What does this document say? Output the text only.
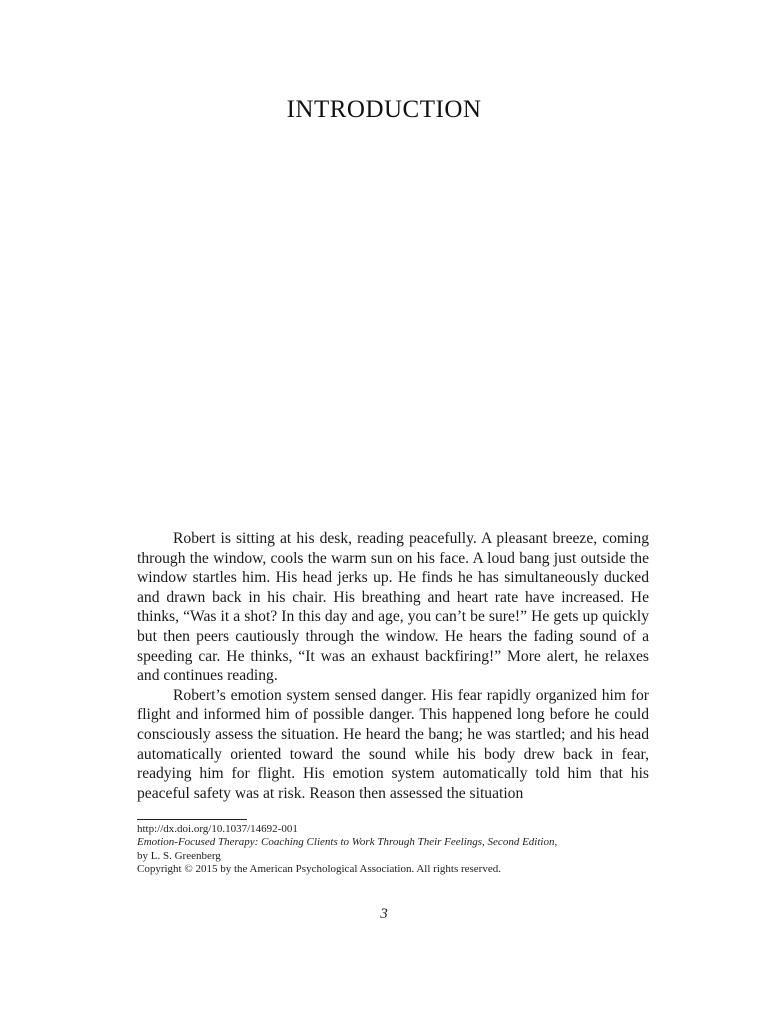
INTRODUCTION

Robert is sitting at his desk, reading peacefully. A pleasant breeze, coming through the window, cools the warm sun on his face. A loud bang just outside the window startles him. His head jerks up. He finds he has simultaneously ducked and drawn back in his chair. His breathing and heart rate have increased. He thinks, “Was it a shot? In this day and age, you can’t be sure!” He gets up quickly but then peers cautiously through the window. He hears the fading sound of a speeding car. He thinks, “It was an exhaust backfiring!” More alert, he relaxes and continues reading.

Robert’s emotion system sensed danger. His fear rapidly organized him for flight and informed him of possible danger. This happened long before he could consciously assess the situation. He heard the bang; he was startled; and his head automatically oriented toward the sound while his body drew back in fear, readying him for flight. His emotion system automatically told him that his peaceful safety was at risk. Reason then assessed the situation

http://dx.doi.org/10.1037/14692-001
Emotion-Focused Therapy: Coaching Clients to Work Through Their Feelings, Second Edition,
by L. S. Greenberg
Copyright © 2015 by the American Psychological Association. All rights reserved.
3
